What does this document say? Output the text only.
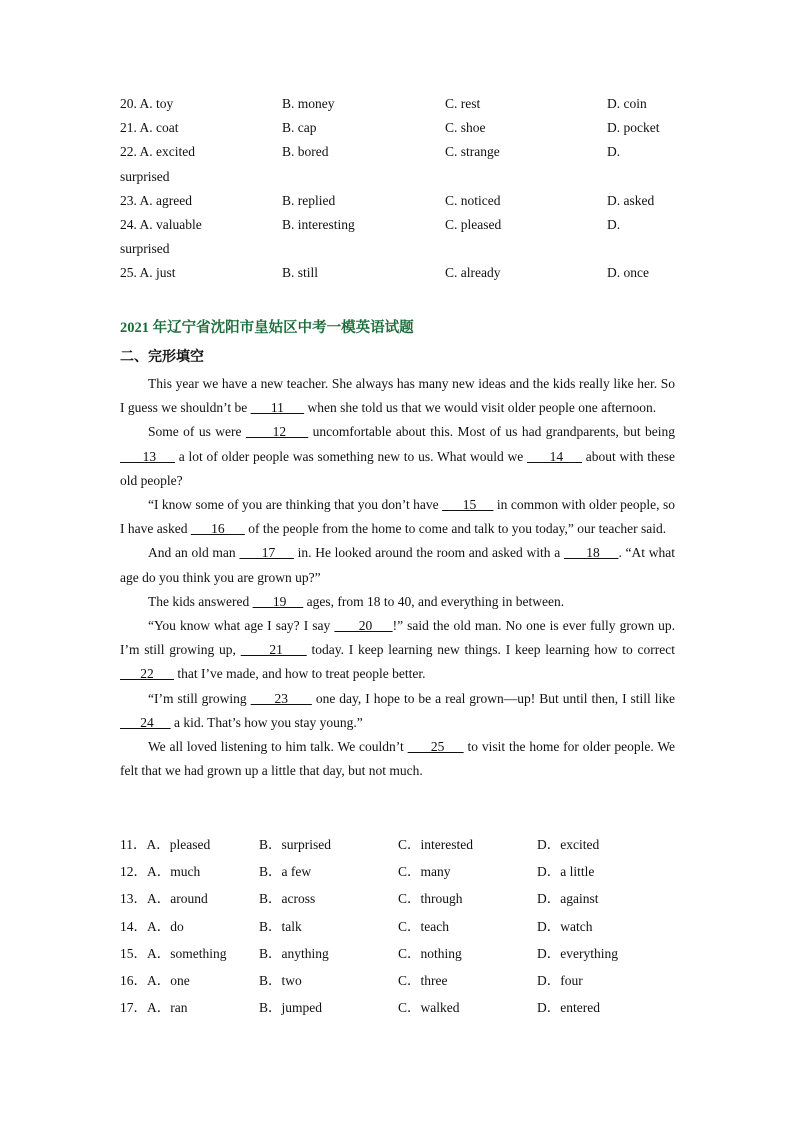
20. A. toy	B. money	C. rest	D. coin
21. A. coat	B. cap	C. shoe	D. pocket
22. A. excited	B. bored	C. strange	D.
surprised
23. A. agreed	B. replied	C. noticed	D. asked
24. A. valuable	B. interesting	C. pleased	D.
surprised
25. A. just	B. still	C. already	D. once
2021 年辽宁省沈阳市皇姑区中考一模英语试题
二、完形填空

This year we have a new teacher. She always has many new ideas and the kids really like her. So I guess we shouldn’t be       11       when she told us that we would visit older people one afternoon.

Some of us were       12      uncomfortable about this. Most of us had grandparents, but being       13      a lot of older people was something new to us. What would we       14      about with these old people?

“I know some of you are thinking that you don’t have       15      in common with older people, so I have asked       16       of the people from the home to come and talk to you today,” our teacher said.

And an old man       17      in. He looked around the room and asked with a       18     . “At what age do you think you are grown up?”

The kids answered       19      ages, from 18 to 40, and everything in between.

“You know what age I say? I say       20     !” said the old man. No one is ever fully grown up. I’m still growing up,       21      today. I keep learning new things. I keep learning how to correct       22       that I’ve made, and how to treat people better.

“I’m still growing       23       one day, I hope to be a real grown—up! But until then, I still like       24      a kid. That’s how you stay young.”

We all loved listening to him talk. We couldn’t       25      to visit the home for older people. We felt that we had grown up a little that day, but not much.

11．A．pleased	B．surprised	C．interested	D．excited
12．A．much	B．a few	C．many	D．a little
13．A．around	B．across	C．through	D．against
14．A．do	B．talk	C．teach	D．watch
15．A．something	B．anything	C．nothing	D．everything
16．A．one	B．two	C．three	D．four
17．A．ran	B．jumped	C．walked	D．entered
